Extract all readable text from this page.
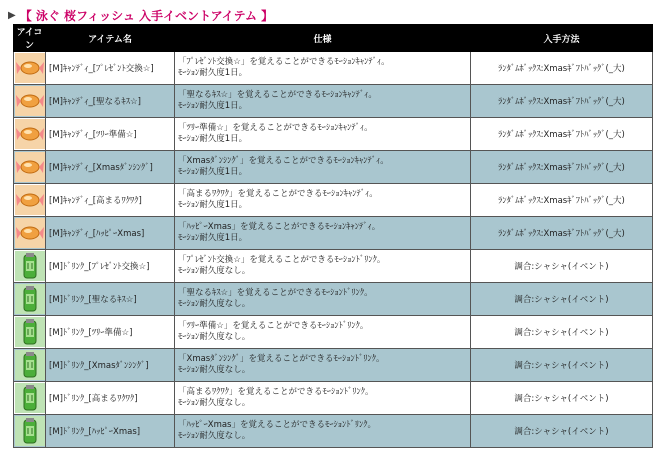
▶ 【 泳ぐ 桜フィッシュ 入手イベントアイテム 】
アイコン	アイテム名	仕様	入手方法

	[M]ｷｬﾝﾃﾞｨ_[ﾌﾟﾚｾﾞﾝﾄ交換☆]	「ﾌﾟﾚｾﾞﾝﾄ交換☆」を覚えることができるﾓｰｼｮﾝｷｬﾝﾃﾞｨ。
ﾓｰｼｮﾝ耐久度1日。	ﾗﾝﾀﾞﾑﾎﾞｯｸｽ:Xmasｷﾞﾌﾄﾊﾞｯｸﾞ(_大)

	[M]ｷｬﾝﾃﾞｨ_[聖なるｷｽ☆]	「聖なるｷｽ☆」を覚えることができるﾓｰｼｮﾝｷｬﾝﾃﾞｨ。
ﾓｰｼｮﾝ耐久度1日。	ﾗﾝﾀﾞﾑﾎﾞｯｸｽ:Xmasｷﾞﾌﾄﾊﾞｯｸﾞ(_大)

	[M]ｷｬﾝﾃﾞｨ_[ﾂﾘｰ準備☆]	「ﾂﾘｰ準備☆」を覚えることができるﾓｰｼｮﾝｷｬﾝﾃﾞｨ。
ﾓｰｼｮﾝ耐久度1日。	ﾗﾝﾀﾞﾑﾎﾞｯｸｽ:Xmasｷﾞﾌﾄﾊﾞｯｸﾞ(_大)

	[M]ｷｬﾝﾃﾞｨ_[Xmasﾀﾞﾝｼﾝｸﾞ]	「Xmasﾀﾞﾝｼﾝｸﾞ」を覚えることができるﾓｰｼｮﾝｷｬﾝﾃﾞｨ。
ﾓｰｼｮﾝ耐久度1日。	ﾗﾝﾀﾞﾑﾎﾞｯｸｽ:Xmasｷﾞﾌﾄﾊﾞｯｸﾞ(_大)

	[M]ｷｬﾝﾃﾞｨ_[高まるﾜｸﾜｸ]	「高まるﾜｸﾜｸ」を覚えることができるﾓｰｼｮﾝｷｬﾝﾃﾞｨ。
ﾓｰｼｮﾝ耐久度1日。	ﾗﾝﾀﾞﾑﾎﾞｯｸｽ:Xmasｷﾞﾌﾄﾊﾞｯｸﾞ(_大)

	[M]ｷｬﾝﾃﾞｨ_[ﾊｯﾋﾟｰXmas]	「ﾊｯﾋﾟｰXmas」を覚えることができるﾓｰｼｮﾝｷｬﾝﾃﾞｨ。
ﾓｰｼｮﾝ耐久度1日。	ﾗﾝﾀﾞﾑﾎﾞｯｸｽ:Xmasｷﾞﾌﾄﾊﾞｯｸﾞ(_大)

	[M]ﾄﾞﾘﾝｸ_[ﾌﾟﾚｾﾞﾝﾄ交換☆]	「ﾌﾟﾚｾﾞﾝﾄ交換☆」を覚えることができるﾓｰｼｮﾝﾄﾞﾘﾝｸ。
ﾓｰｼｮﾝ耐久度なし。	調合:シャシャ(イベント)

	[M]ﾄﾞﾘﾝｸ_[聖なるｷｽ☆]	「聖なるｷｽ☆」を覚えることができるﾓｰｼｮﾝﾄﾞﾘﾝｸ。
ﾓｰｼｮﾝ耐久度なし。	調合:シャシャ(イベント)

	[M]ﾄﾞﾘﾝｸ_[ﾂﾘｰ準備☆]	「ﾂﾘｰ準備☆」を覚えることができるﾓｰｼｮﾝﾄﾞﾘﾝｸ。
ﾓｰｼｮﾝ耐久度なし。	調合:シャシャ(イベント)

	[M]ﾄﾞﾘﾝｸ_[Xmasﾀﾞﾝｼﾝｸﾞ]	「Xmasﾀﾞﾝｼﾝｸﾞ」を覚えることができるﾓｰｼｮﾝﾄﾞﾘﾝｸ。
ﾓｰｼｮﾝ耐久度なし。	調合:シャシャ(イベント)

	[M]ﾄﾞﾘﾝｸ_[高まるﾜｸﾜｸ]	「高まるﾜｸﾜｸ」を覚えることができるﾓｰｼｮﾝﾄﾞﾘﾝｸ。
ﾓｰｼｮﾝ耐久度なし。	調合:シャシャ(イベント)

	[M]ﾄﾞﾘﾝｸ_[ﾊｯﾋﾟｰXmas]	「ﾊｯﾋﾟｰXmas」を覚えることができるﾓｰｼｮﾝﾄﾞﾘﾝｸ。
ﾓｰｼｮﾝ耐久度なし。	調合:シャシャ(イベント)
